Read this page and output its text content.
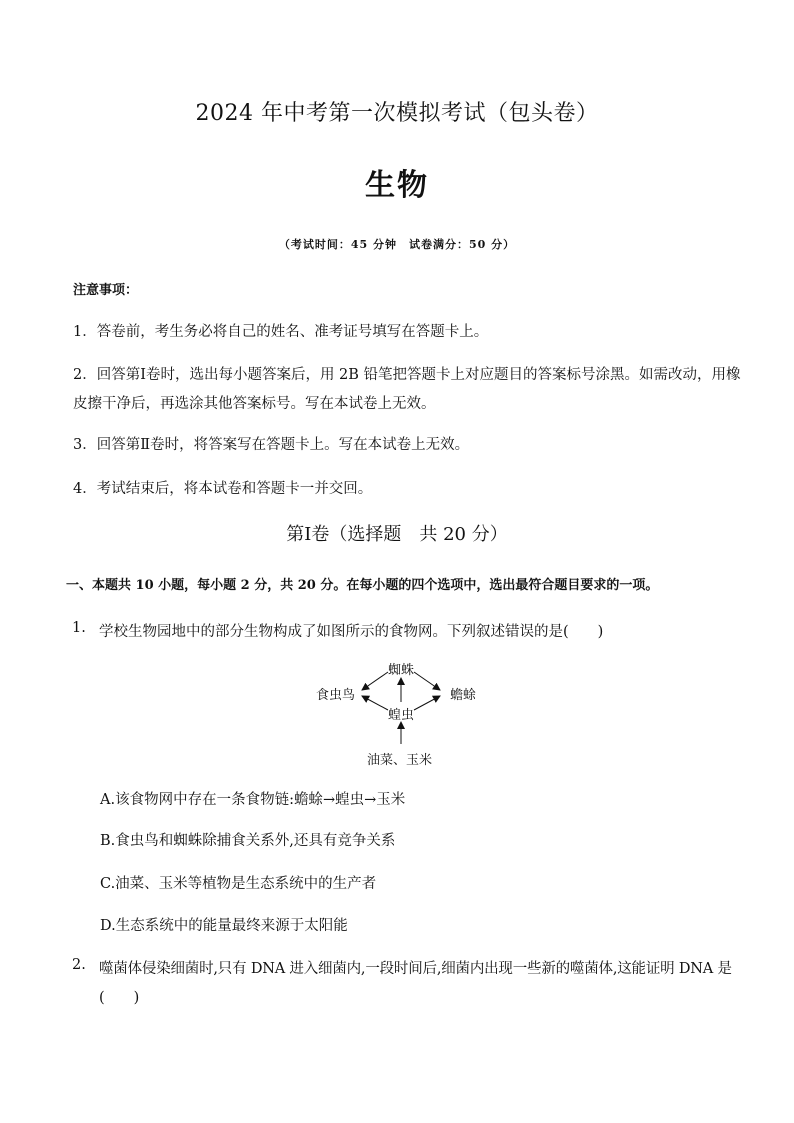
2024 年中考第一次模拟考试（包头卷）
生物
（考试时间：45 分钟　试卷满分：50 分）
注意事项：
1．答卷前，考生务必将自己的姓名、准考证号填写在答题卡上。
2．回答第Ⅰ卷时，选出每小题答案后，用 2B 铅笔把答题卡上对应题目的答案标号涂黑。如需改动，用橡
皮擦干净后，再选涂其他答案标号。写在本试卷上无效。
3．回答第Ⅱ卷时，将答案写在答题卡上。写在本试卷上无效。
4．考试结束后，将本试卷和答题卡一并交回。
第Ⅰ卷（选择题　共 20 分）
一、本题共 10 小题，每小题 2 分，共 20 分。在每小题的四个选项中，选出最符合题目要求的一项。
1. 学校生物园地中的部分生物构成了如图所示的食物网。下列叙述错误的是(　　)
蜘蛛
食虫鸟	蟾蜍
蝗虫
油菜、玉米
A.该食物网中存在一条食物链:蟾蜍→蝗虫→玉米
B.食虫鸟和蜘蛛除捕食关系外,还具有竞争关系
C.油菜、玉米等植物是生态系统中的生产者
D.生态系统中的能量最终来源于太阳能
2. 噬菌体侵染细菌时,只有 DNA 进入细菌内,一段时间后,细菌内出现一些新的噬菌体,这能证明 DNA 是
(　　)
